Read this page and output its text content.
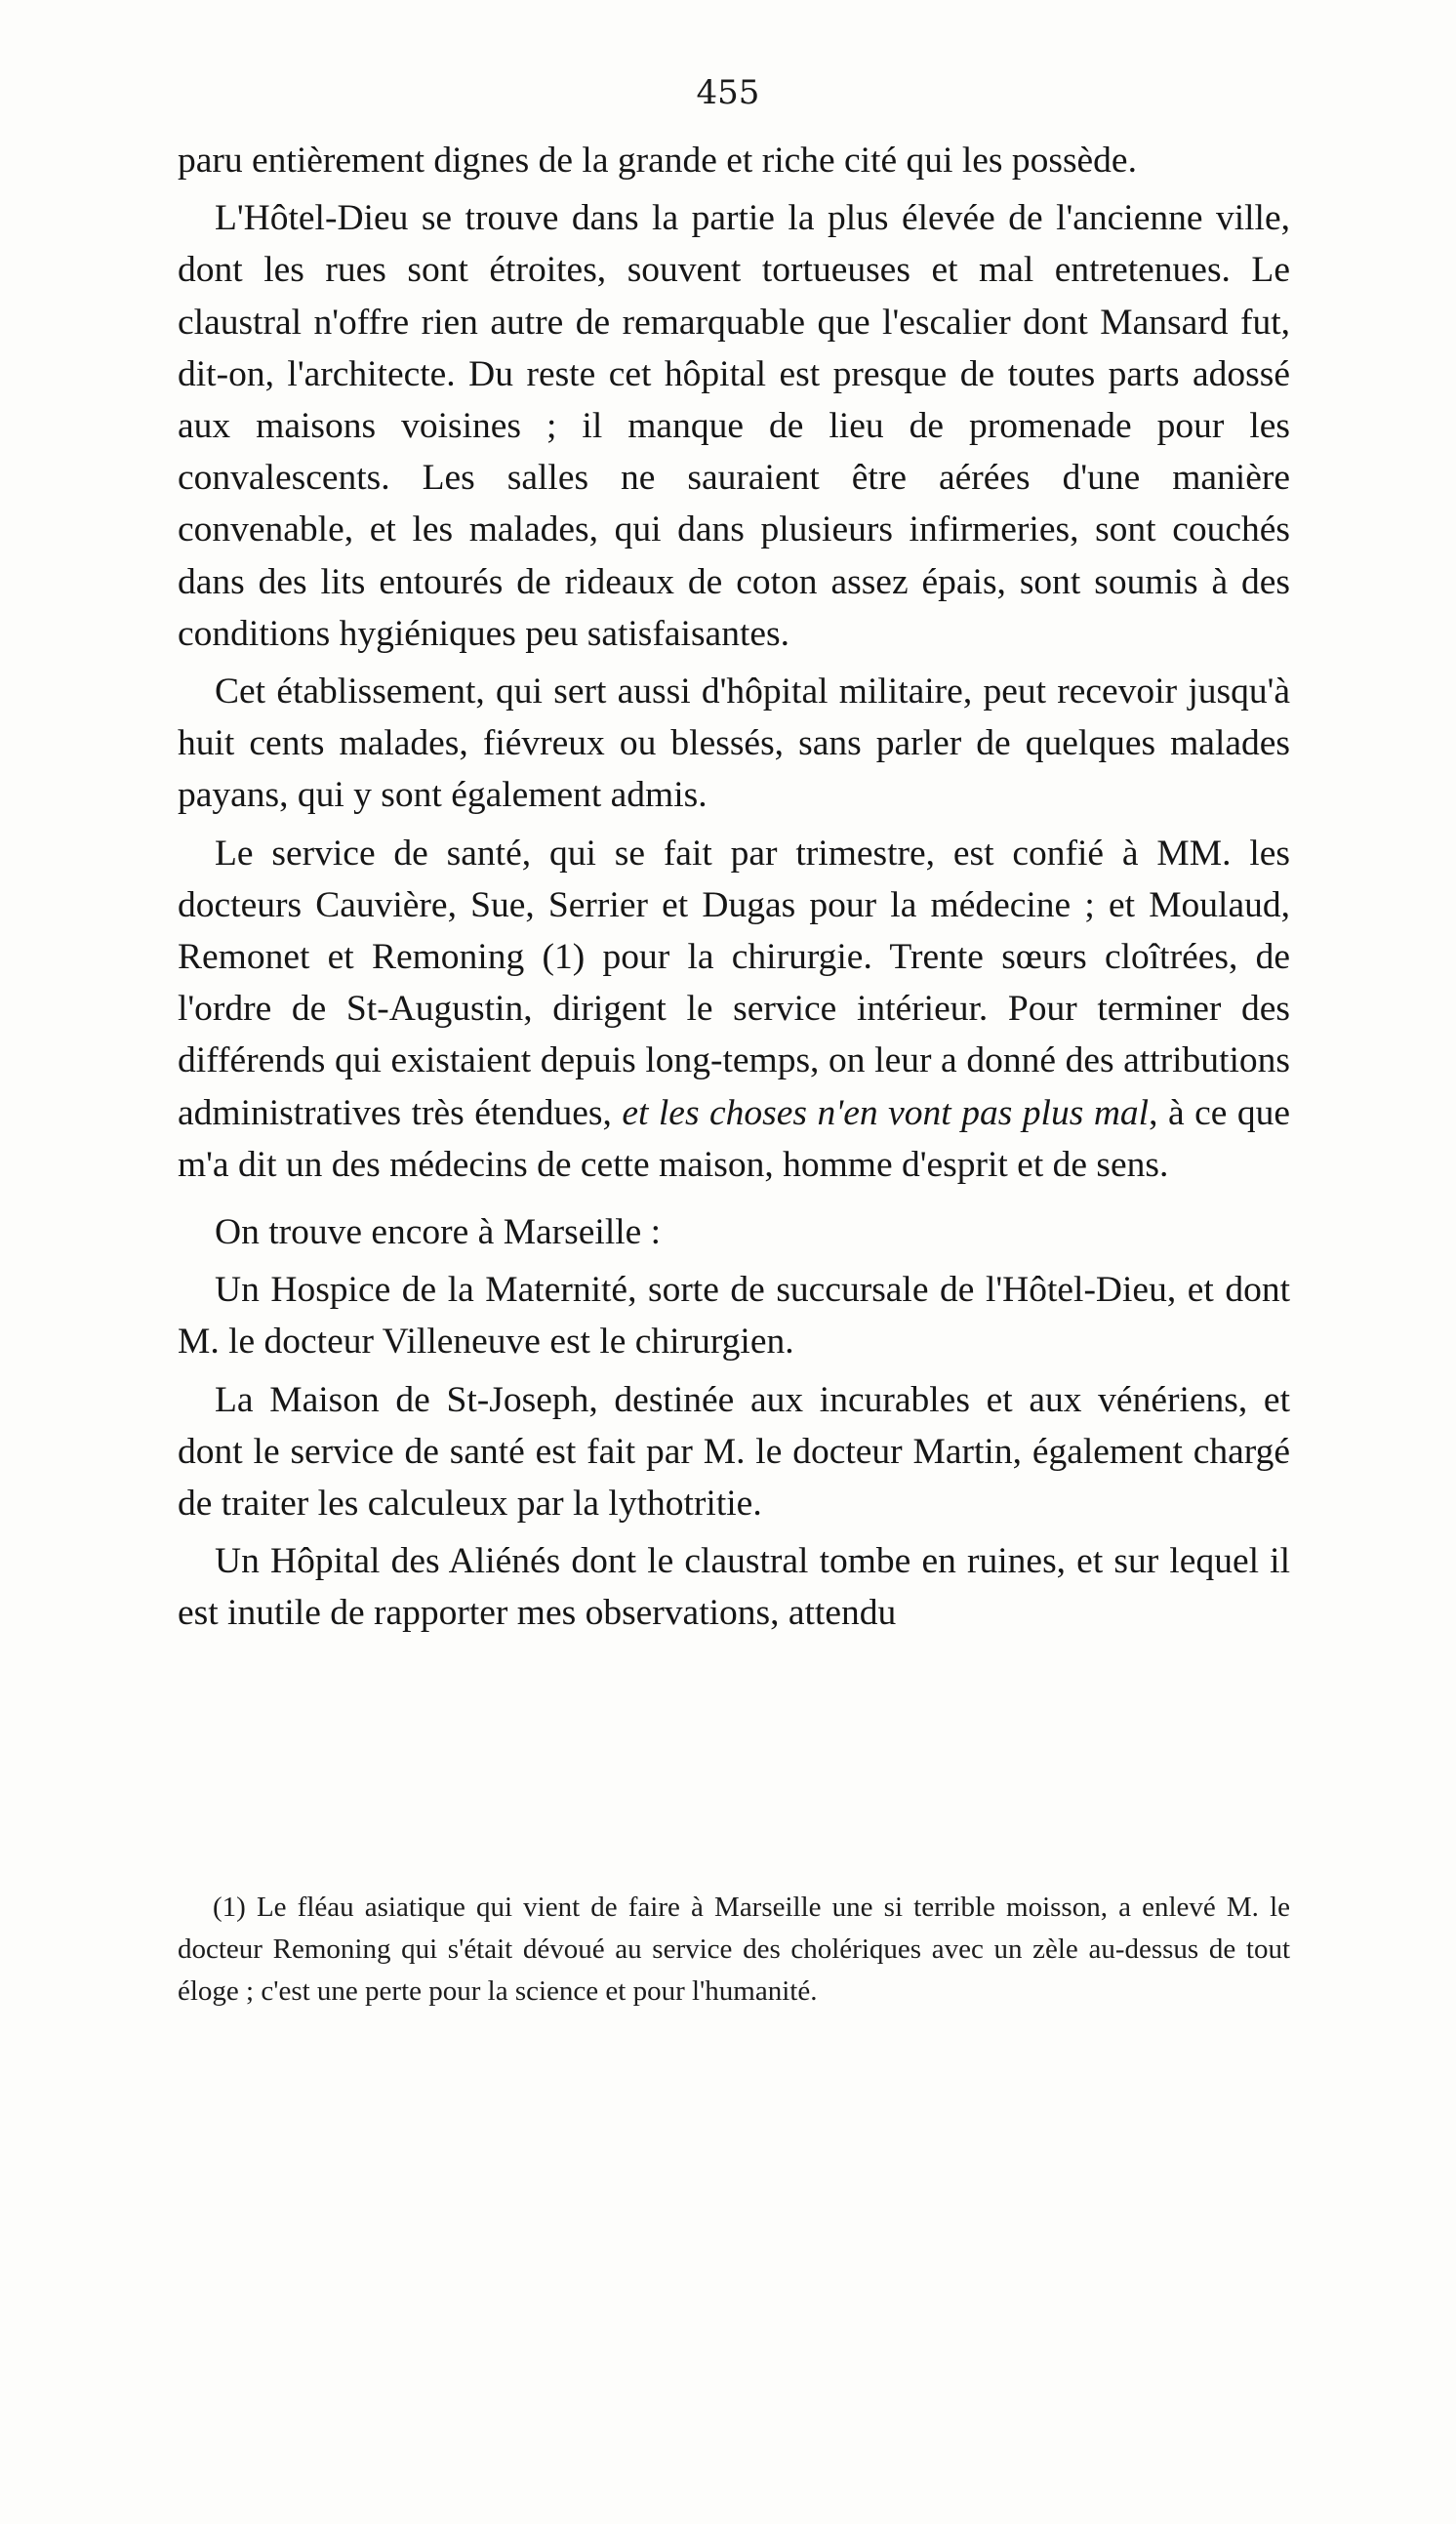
455

paru entièrement dignes de la grande et riche cité qui les possède.

L'Hôtel-Dieu se trouve dans la partie la plus élevée de l'ancienne ville, dont les rues sont étroites, souvent tortueuses et mal entretenues. Le claustral n'offre rien autre de remarquable que l'escalier dont Mansard fut, dit-on, l'architecte. Du reste cet hôpital est presque de toutes parts adossé aux maisons voisines ; il manque de lieu de promenade pour les convalescents. Les salles ne sauraient être aérées d'une manière convenable, et les malades, qui dans plusieurs infirmeries, sont couchés dans des lits entourés de rideaux de coton assez épais, sont soumis à des conditions hygiéniques peu satisfaisantes.

Cet établissement, qui sert aussi d'hôpital militaire, peut recevoir jusqu'à huit cents malades, fiévreux ou blessés, sans parler de quelques malades payans, qui y sont également admis.

Le service de santé, qui se fait par trimestre, est confié à MM. les docteurs Cauvière, Sue, Serrier et Dugas pour la médecine ; et Moulaud, Remonet et Remoning (1) pour la chirurgie. Trente sœurs cloîtrées, de l'ordre de St-Augustin, dirigent le service intérieur. Pour terminer des différends qui existaient depuis long-temps, on leur a donné des attributions administratives très étendues, et les choses n'en vont pas plus mal, à ce que m'a dit un des médecins de cette maison, homme d'esprit et de sens.

On trouve encore à Marseille :

Un Hospice de la Maternité, sorte de succursale de l'Hôtel-Dieu, et dont M. le docteur Villeneuve est le chirurgien.

La Maison de St-Joseph, destinée aux incurables et aux vénériens, et dont le service de santé est fait par M. le docteur Martin, également chargé de traiter les calculeux par la lythotritie.

Un Hôpital des Aliénés dont le claustral tombe en ruines, et sur lequel il est inutile de rapporter mes observations, attendu

(1) Le fléau asiatique qui vient de faire à Marseille une si terrible moisson, a enlevé M. le docteur Remoning qui s'était dévoué au service des cholériques avec un zèle au-dessus de tout éloge ; c'est une perte pour la science et pour l'humanité.
